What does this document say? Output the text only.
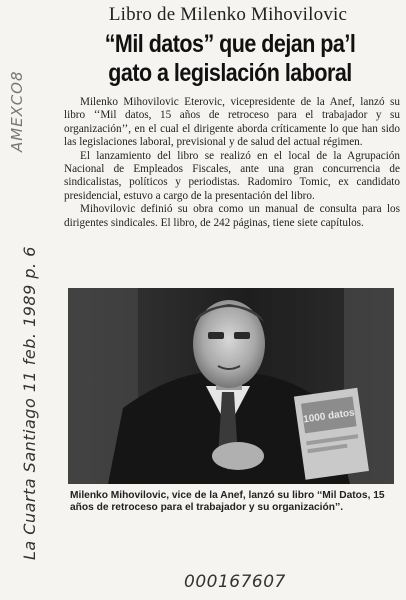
AMEXCO8
Libro de Milenko Mihovilovic
“Mil datos” que dejan pa’l gato a legislación laboral

Milenko Mihovilovic Eterovic, vicepresidente de la Anef, lanzó su libro ‘‘Mil datos, 15 años de retroceso para el trabajador y su organización’’, en el cual el dirigente aborda críticamente lo que han sido las legislaciones laboral, previsional y de salud del actual régimen.

El lanzamiento del libro se realizó en el local de la Agrupación Nacional de Empleados Fiscales, ante una gran concurrencia de sindicalistas, políticos y periodistas. Radomiro Tomic, ex candidato presidencial, estuvo a cargo de la presentación del libro.

Mihovilovic definió su obra como un manual de consulta para los dirigentes sindicales. El libro, de 242 páginas, tiene siete capítulos.

La Cuarta Santiago 11 feb. 1989 p. 6	1000 datos
Milenko Mihovilovic, vice de la Anef, lanzó su libro ‘‘Mil Datos, 15 años de retroceso para el trabajador y su organización’’.
000167607
